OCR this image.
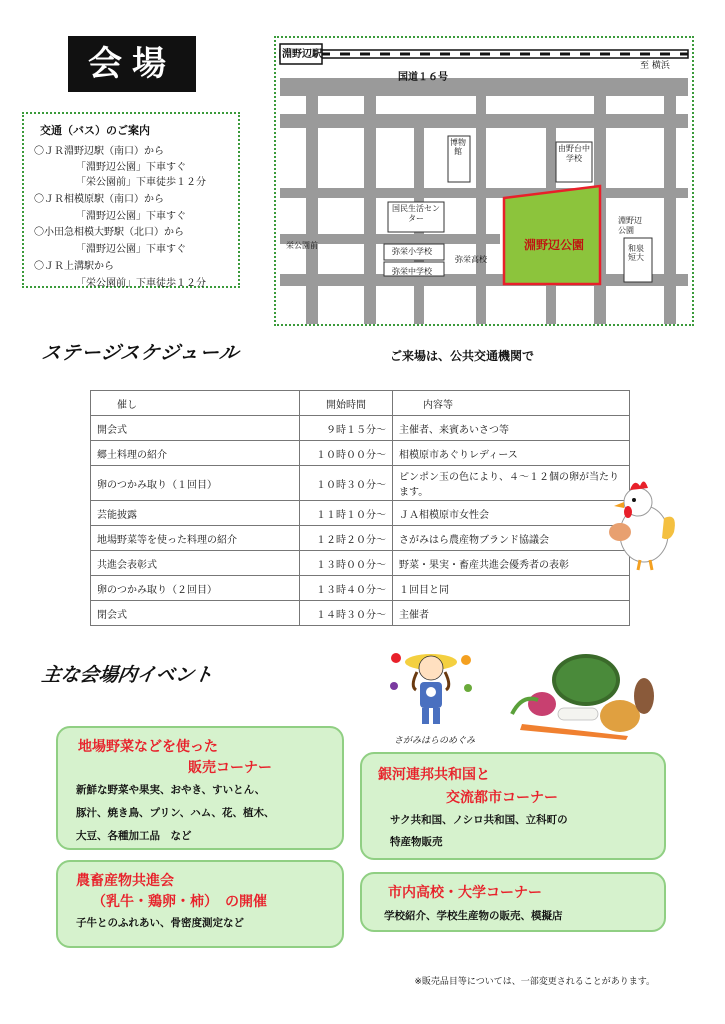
会場
交通（バス）のご案内
〇ＪＲ淵野辺駅（南口）から
「淵野辺公園」下車すぐ
「栄公園前」下車徒歩１２分
〇ＪＲ相模原駅（南口）から
「淵野辺公園」下車すぐ
〇小田急相模大野駅（北口）から
「淵野辺公園」下車すぐ
〇ＪＲ上溝駅から
「栄公園前」下車徒歩１２分
淵野辺駅
至 横浜
国道１６号
博物館	由野台中学校
国民生活センター
弥栄小学校
弥栄中学校
弥栄高校
淵野辺公園
栄公園前
淵野辺公園
和泉短大
ステージスケジュール	ご来場は、公共交通機関で
催し	開始時間	内容等
開会式	９時１５分～	主催者、来賓あいさつ等
郷土料理の紹介	１０時００分～	相模原市あぐりレディース
卵のつかみ取り（１回目）	１０時３０分～	ピンポン玉の色により、４～１２個の卵が当たります。
芸能披露	１１時１０分～	ＪＡ相模原市女性会
地場野菜等を使った料理の紹介	１２時２０分～	さがみはら農産物ブランド協議会
共進会表彰式	１３時００分～	野菜・果実・畜産共進会優秀者の表彰
卵のつかみ取り（２回目）	１３時４０分～	１回目と同
閉会式	１４時３０分～	主催者
主な会場内イベント
さがみはらのめぐみ
地場野菜などを使った
販売コーナー
新鮮な野菜や果実、おやき、すいとん、
豚汁、焼き鳥、プリン、ハム、花、植木、
大豆、各種加工品　など
農畜産物共進会
（乳牛・鶏卵・柿）　の開催
子牛とのふれあい、骨密度測定など
銀河連邦共和国と
交流都市コーナー
サク共和国、ノシロ共和国、立科町の
特産物販売
市内高校・大学コーナー
学校紹介、学校生産物の販売、模擬店
※販売品目等については、一部変更されることがあります。
